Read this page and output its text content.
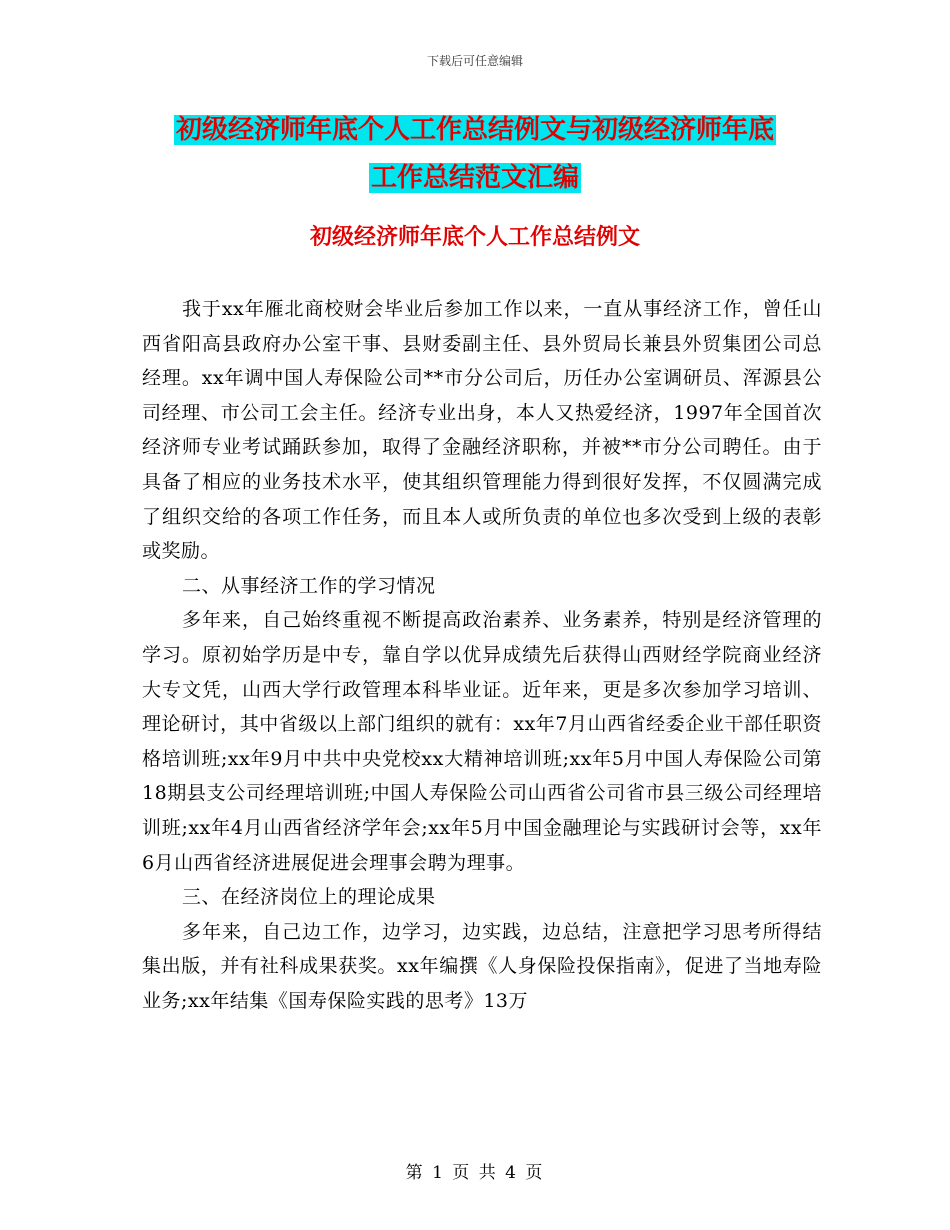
下载后可任意编辑
初级经济师年底个人工作总结例文与初级经济师年底
工作总结范文汇编
初级经济师年底个人工作总结例文

我于xx年雁北商校财会毕业后参加工作以来，一直从事经济工作，曾任山西省阳高县政府办公室干事、县财委副主任、县外贸局长兼县外贸集团公司总经理。xx年调中国人寿保险公司**市分公司后，历任办公室调研员、浑源县公司经理、市公司工会主任。经济专业出身，本人又热爱经济，1997年全国首次经济师专业考试踊跃参加，取得了金融经济职称，并被**市分公司聘任。由于具备了相应的业务技术水平，使其组织管理能力得到很好发挥，不仅圆满完成了组织交给的各项工作任务，而且本人或所负责的单位也多次受到上级的表彰或奖励。

二、从事经济工作的学习情况

多年来，自己始终重视不断提高政治素养、业务素养，特别是经济管理的学习。原初始学历是中专，靠自学以优异成绩先后获得山西财经学院商业经济大专文凭，山西大学行政管理本科毕业证。近年来，更是多次参加学习培训、理论研讨，其中省级以上部门组织的就有：xx年7月山西省经委企业干部任职资格培训班;xx年9月中共中央党校xx大精神培训班;xx年5月中国人寿保险公司第18期县支公司经理培训班;中国人寿保险公司山西省公司省市县三级公司经理培训班;xx年4月山西省经济学年会;xx年5月中国金融理论与实践研讨会等，xx年6月山西省经济进展促进会理事会聘为理事。

三、在经济岗位上的理论成果

多年来，自己边工作，边学习，边实践，边总结，注意把学习思考所得结集出版，并有社科成果获奖。xx年编撰《人身保险投保指南》，促进了当地寿险业务;xx年结集《国寿保险实践的思考》13万

第 1 页 共 4 页
